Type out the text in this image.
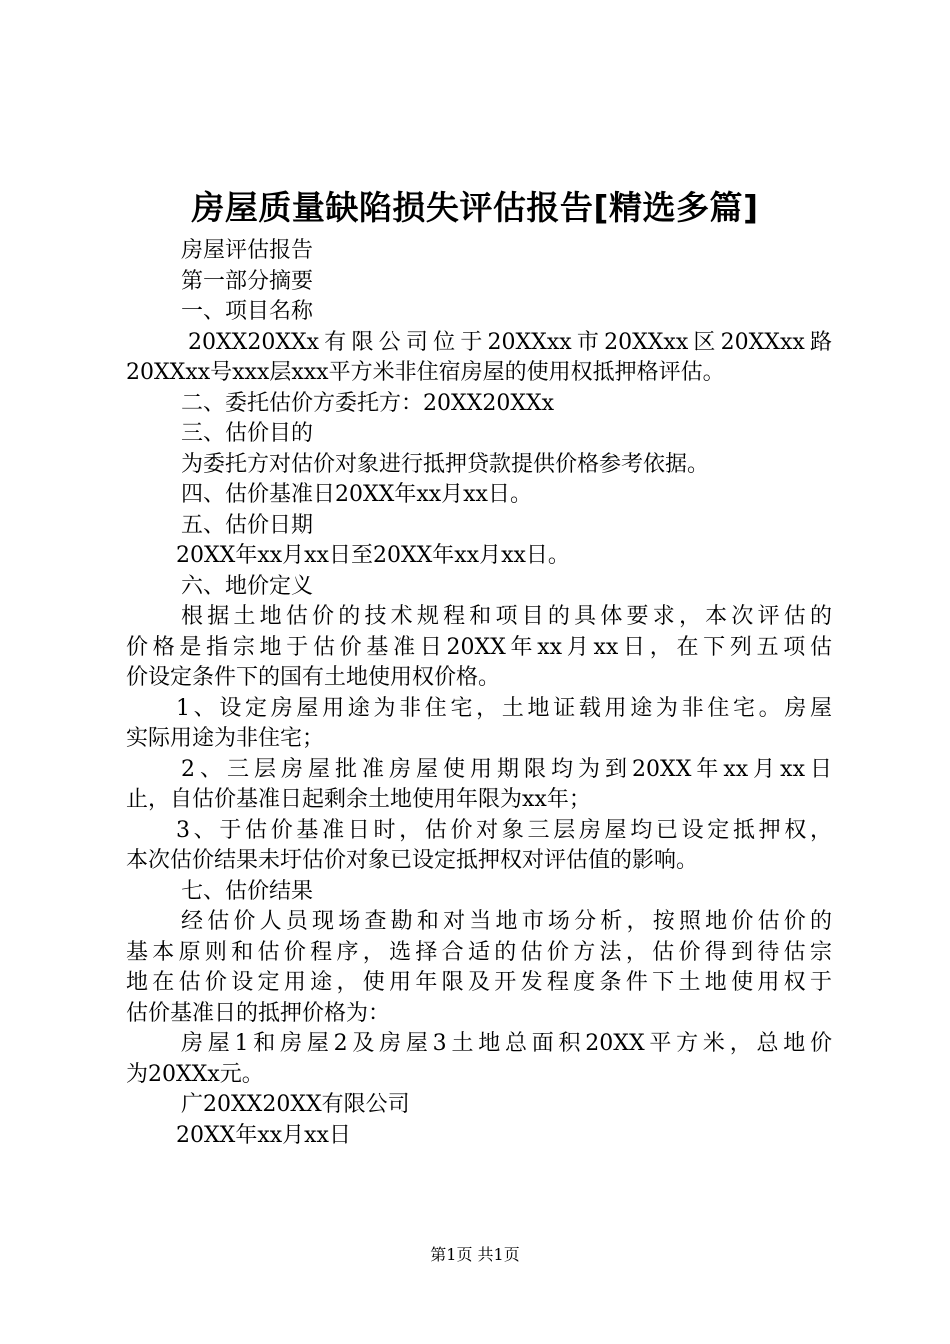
房屋质量缺陷损失评估报告[精选多篇]
房屋评估报告
第一部分摘要
一、项目名称
20XX20XXx有限公司位于20XXxx市20XXxx区20XXxx路
20XXxx号xxx层xxx平方米非住宿房屋的使用权抵押格评估。
二、委托估价方委托方：20XX20XXx
三、估价目的
为委托方对估价对象进行抵押贷款提供价格参考依据。
四、估价基准日20XX年xx月xx日。
五、估价日期
20XX年xx月xx日至20XX年xx月xx日。
六、地价定义
根据土地估价的技术规程和项目的具体要求，本次评估的
价格是指宗地于估价基准日20XX年xx月xx日，在下列五项估
价设定条件下的国有土地使用权价格。
1、设定房屋用途为非住宅，土地证载用途为非住宅。房屋
实际用途为非住宅；
2、三层房屋批准房屋使用期限均为到20XX年xx月xx日
止，自估价基准日起剩余土地使用年限为xx年；
3、于估价基准日时，估价对象三层房屋均已设定抵押权，
本次估价结果未圩估价对象已设定抵押权对评估值的影响。
七、估价结果
经估价人员现场查勘和对当地市场分析，按照地价估价的
基本原则和估价程序，选择合适的估价方法，估价得到待估宗
地在估价设定用途，使用年限及开发程度条件下土地使用权于
估价基准日的抵押价格为：
房屋1和房屋2及房屋3土地总面积20XX平方米，总地价
为20XXx元。
广20XX20XX有限公司
20XX年xx月xx日
第1页 共1页
